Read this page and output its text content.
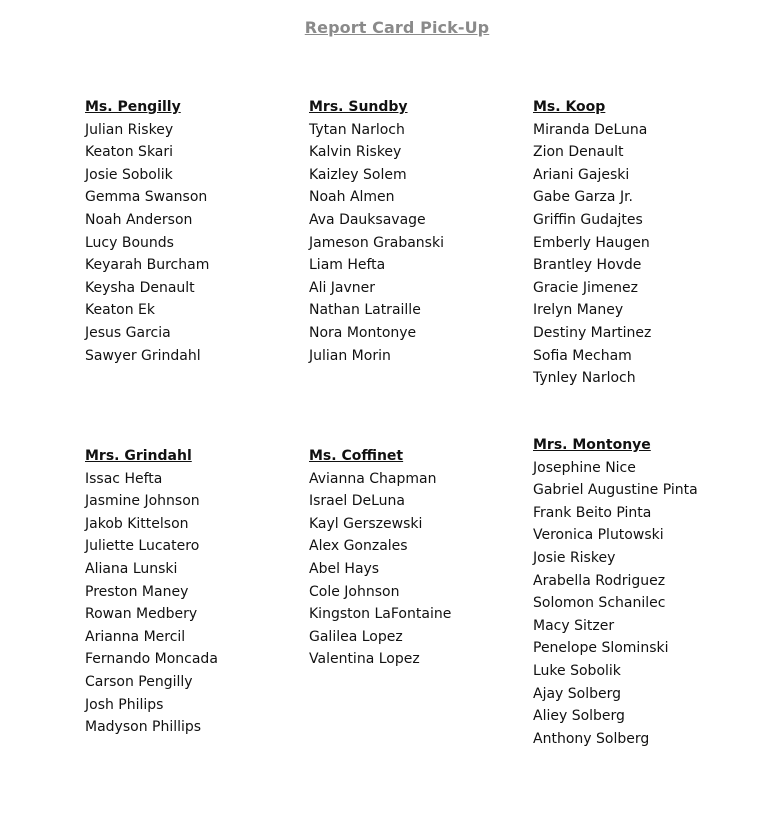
Report Card Pick-Up
Ms. Pengilly
Julian Riskey
Keaton Skari
Josie Sobolik
Gemma Swanson
Noah Anderson
Lucy Bounds
Keyarah Burcham
Keysha Denault
Keaton Ek
Jesus Garcia
Sawyer Grindahl
Mrs. Sundby
Tytan Narloch
Kalvin Riskey
Kaizley Solem
Noah Almen
Ava Dauksavage
Jameson Grabanski
Liam Hefta
Ali Javner
Nathan Latraille
Nora Montonye
Julian Morin
Ms. Koop
Miranda DeLuna
Zion Denault
Ariani Gajeski
Gabe Garza Jr.
Griffin Gudajtes
Emberly Haugen
Brantley Hovde
Gracie Jimenez
Irelyn Maney
Destiny Martinez
Sofia Mecham
Tynley Narloch
Mrs. Grindahl
Issac Hefta
Jasmine Johnson
Jakob Kittelson
Juliette Lucatero
Aliana Lunski
Preston Maney
Rowan Medbery
Arianna Mercil
Fernando Moncada
Carson Pengilly
Josh Philips
Madyson Phillips
Ms. Coffinet
Avianna Chapman
Israel DeLuna
Kayl Gerszewski
Alex Gonzales
Abel Hays
Cole Johnson
Kingston LaFontaine
Galilea Lopez
Valentina Lopez
Mrs. Montonye
Josephine Nice
Gabriel Augustine Pinta
Frank Beito Pinta
Veronica Plutowski
Josie Riskey
Arabella Rodriguez
Solomon Schanilec
Macy Sitzer
Penelope Slominski
Luke Sobolik
Ajay Solberg
Aliey Solberg
Anthony Solberg
